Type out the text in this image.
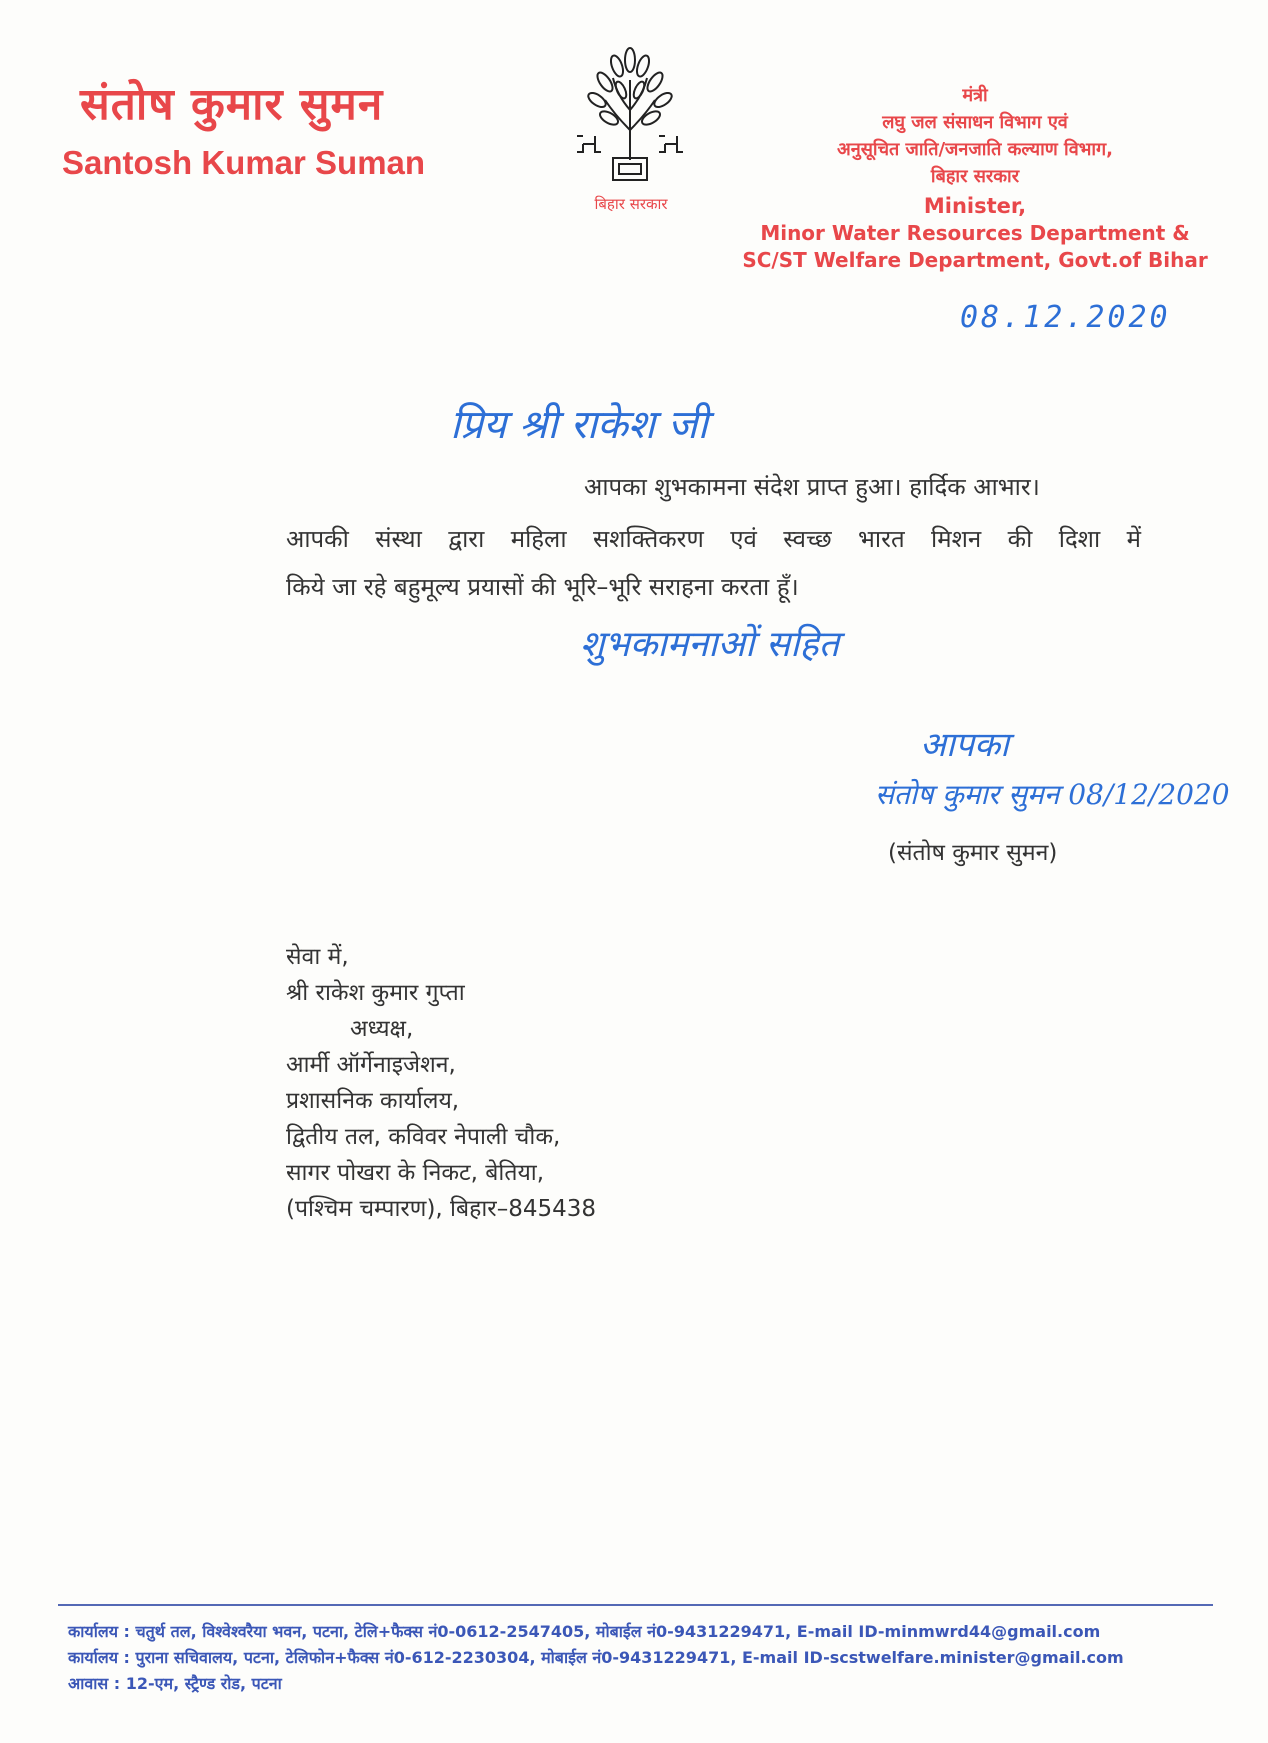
संतोष कुमार सुमन
Santosh Kumar Suman
बिहार सरकार
मंत्री
लघु जल संसाधन विभाग एवं
अनुसूचित जाति/जनजाति कल्याण विभाग,
बिहार सरकार
Minister,
Minor Water Resources Department &
SC/ST Welfare Department, Govt.of Bihar
08.12.2020
प्रिय श्री राकेश जी
आपका शुभकामना संदेश प्राप्त हुआ। हार्दिक आभार।
आपकी संस्था द्वारा महिला सशक्तिकरण एवं स्वच्छ भारत मिशन की दिशा में
किये जा रहे बहुमूल्य प्रयासों की भूरि–भूरि सराहना करता हूँ।
शुभकामनाओं सहित
आपका
संतोष कुमार सुमन 08/12/2020
(संतोष कुमार सुमन)
सेवा में,
श्री राकेश कुमार गुप्ता
अध्यक्ष,
आर्मी ऑर्गेनाइजेशन,
प्रशासनिक कार्यालय,
द्वितीय तल, कविवर नेपाली चौक,
सागर पोखरा के निकट, बेतिया,
(पश्चिम चम्पारण), बिहार–845438
कार्यालय : चतुर्थ तल, विश्वेश्वरैया भवन, पटना, टेलि+फैक्स नं0-0612-2547405, मोबाईल नं0-9431229471, E-mail ID-minmwrd44@gmail.com
कार्यालय : पुराना सचिवालय, पटना, टेलिफोन+फैक्स नं0-612-2230304, मोबाईल नं0-9431229471, E-mail ID-scstwelfare.minister@gmail.com
आवास : 12-एम, स्ट्रैण्ड रोड, पटना
